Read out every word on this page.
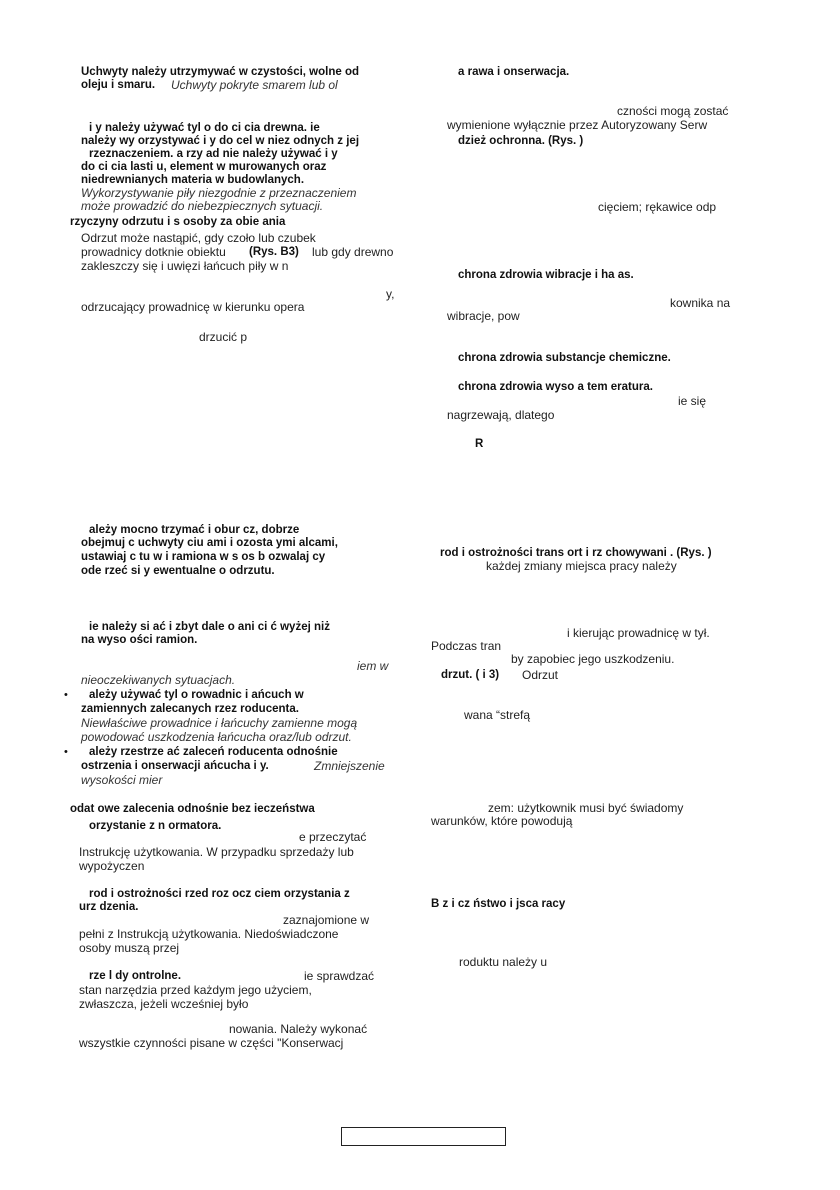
Uchwyty należy utrzymywać w czystości, wolne od
oleju i smaru. Uchwyty pokryte smarem lub ol
i y należy używać tyl o do ci cia drewna. ie
należy wy orzystywać i y do cel w niez odnych z jej
rzeznaczeniem. a rzy ad nie należy używać i y
do ci cia lasti u, element w murowanych oraz
niedrewnianych materia w budowlanych.
Wykorzystywanie piły niezgodnie z przeznaczeniem
może prowadzić do niebezpiecznych sytuacji.
rzyczyny odrzutu i s osoby za obie ania
Odrzut może nastąpić, gdy czoło lub czubek
prowadnicy dotknie obiektu (Rys. B3) lub gdy drewno
zakleszczy się i uwięzi łańcuch piły w n
y,
odrzucający prowadnicę w kierunku opera
drzucić p
ależy mocno trzymać i obur cz, dobrze
obejmuj c uchwyty ciu ami i ozosta ymi alcami,
ustawiaj c tu w i ramiona w s os b ozwalaj cy
ode rzeć si y ewentualne o odrzutu.
ie należy si ać i zbyt dale o ani ci ć wyżej niż
na wyso ości ramion.
iem w
nieoczekiwanych sytuacjach.
• ależy używać tyl o rowadnic i ańcuch w
zamiennych zalecanych rzez roducenta.
Niewłaściwe prowadnice i łańcuchy zamienne mogą
powodować uszkodzenia łańcucha oraz/lub odrzut.
• ależy rzestrze ać zaleceń roducenta odnośnie
ostrzenia i onserwacji ańcucha i y.	Zmniejszenie
wysokości mier
odat owe zalecenia odnośnie bez ieczeństwa
orzystanie z n ormatora.
e przeczytać
Instrukcję użytkowania. W przypadku sprzedaży lub
wypożyczen
rod i ostrożności rzed roz ocz ciem orzystania z
urz dzenia.
zaznajomione w
pełni z Instrukcją użytkowania. Niedoświadczone
osoby muszą przej
rze l dy ontrolne.	ie sprawdzać
stan narzędzia przed każdym jego użyciem,
zwłaszcza, jeżeli wcześniej było
nowania. Należy wykonać
wszystkie czynności pisane w części "Konserwacj
a rawa i onserwacja.
czności mogą zostać
wymienione wyłącznie przez Autoryzowany Serw
dzież ochronna. (Rys. )
cięciem; rękawice odp
chrona zdrowia wibracje i ha as.
kownika na
wibracje, pow
chrona zdrowia substancje chemiczne.
chrona zdrowia wyso a tem eratura.
ie się
nagrzewają, dlatego
R
rod i ostrożności trans ort i rz chowywani . (Rys. )
każdej zmiany miejsca pracy należy
i kierując prowadnicę w tył.
Podczas tran
by zapobiec jego uszkodzeniu.
drzut. ( i 3) Odrzut
wana “strefą
zem: użytkownik musi być świadomy
warunków, które powodują
B z i cz ństwo i jsca racy
roduktu należy u
